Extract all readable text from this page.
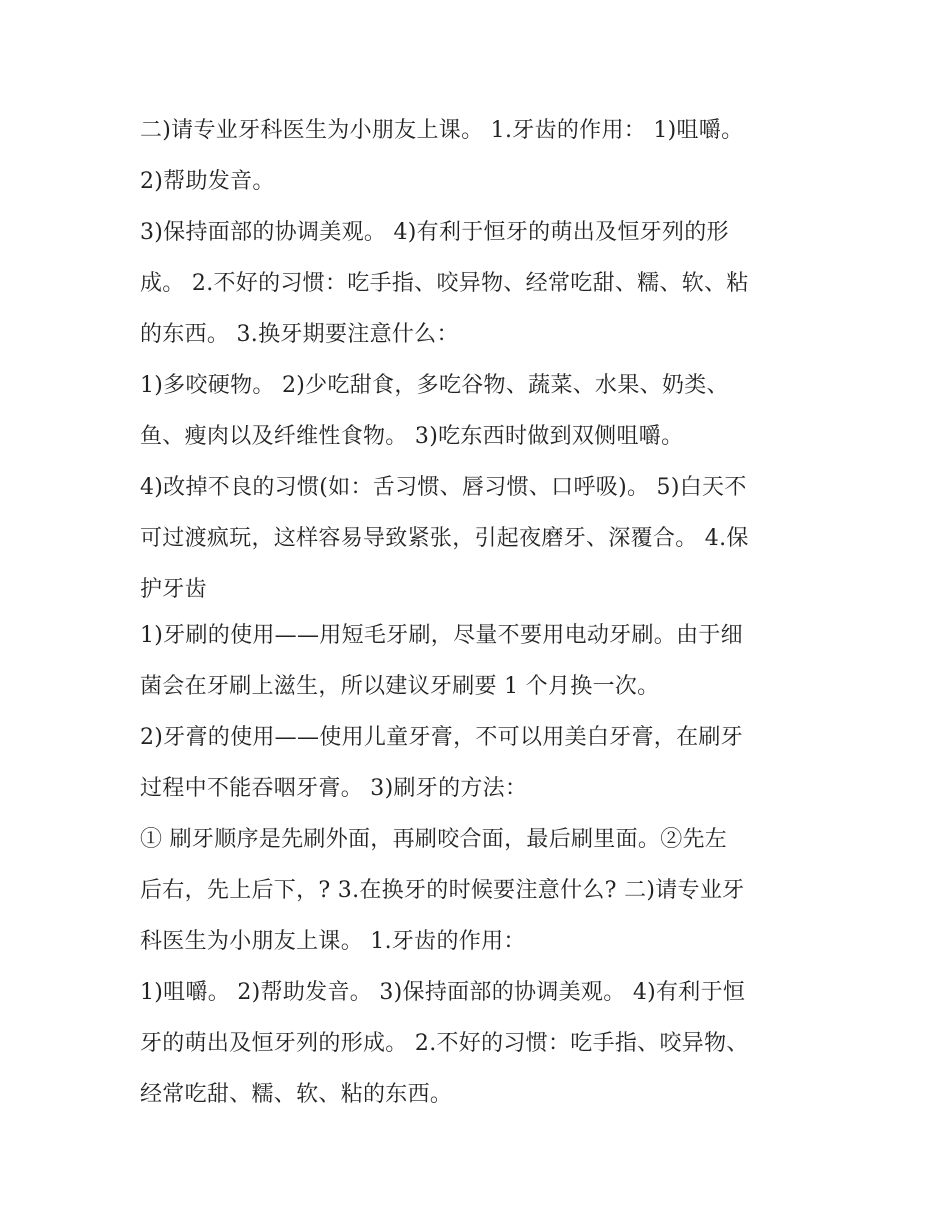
二)请专业牙科医生为小朋友上课。 1.牙齿的作用： 1)咀嚼。
2)帮助发音。
3)保持面部的协调美观。 4)有利于恒牙的萌出及恒牙列的形
成。 2.不好的习惯：吃手指、咬异物、经常吃甜、糯、软、粘
的东西。 3.换牙期要注意什么：
1)多咬硬物。 2)少吃甜食，多吃谷物、蔬菜、水果、奶类、
鱼、瘦肉以及纤维性食物。 3)吃东西时做到双侧咀嚼。
4)改掉不良的习惯(如：舌习惯、唇习惯、口呼吸)。 5)白天不
可过渡疯玩，这样容易导致紧张，引起夜磨牙、深覆合。 4.保
护牙齿
1)牙刷的使用——用短毛牙刷，尽量不要用电动牙刷。由于细
菌会在牙刷上滋生，所以建议牙刷要 1 个月换一次。
2)牙膏的使用——使用儿童牙膏，不可以用美白牙膏，在刷牙
过程中不能吞咽牙膏。 3)刷牙的方法：
① 刷牙顺序是先刷外面，再刷咬合面，最后刷里面。②先左
后右，先上后下，? 3.在换牙的时候要注意什么? 二)请专业牙
科医生为小朋友上课。 1.牙齿的作用：
1)咀嚼。 2)帮助发音。 3)保持面部的协调美观。 4)有利于恒
牙的萌出及恒牙列的形成。 2.不好的习惯：吃手指、咬异物、
经常吃甜、糯、软、粘的东西。
